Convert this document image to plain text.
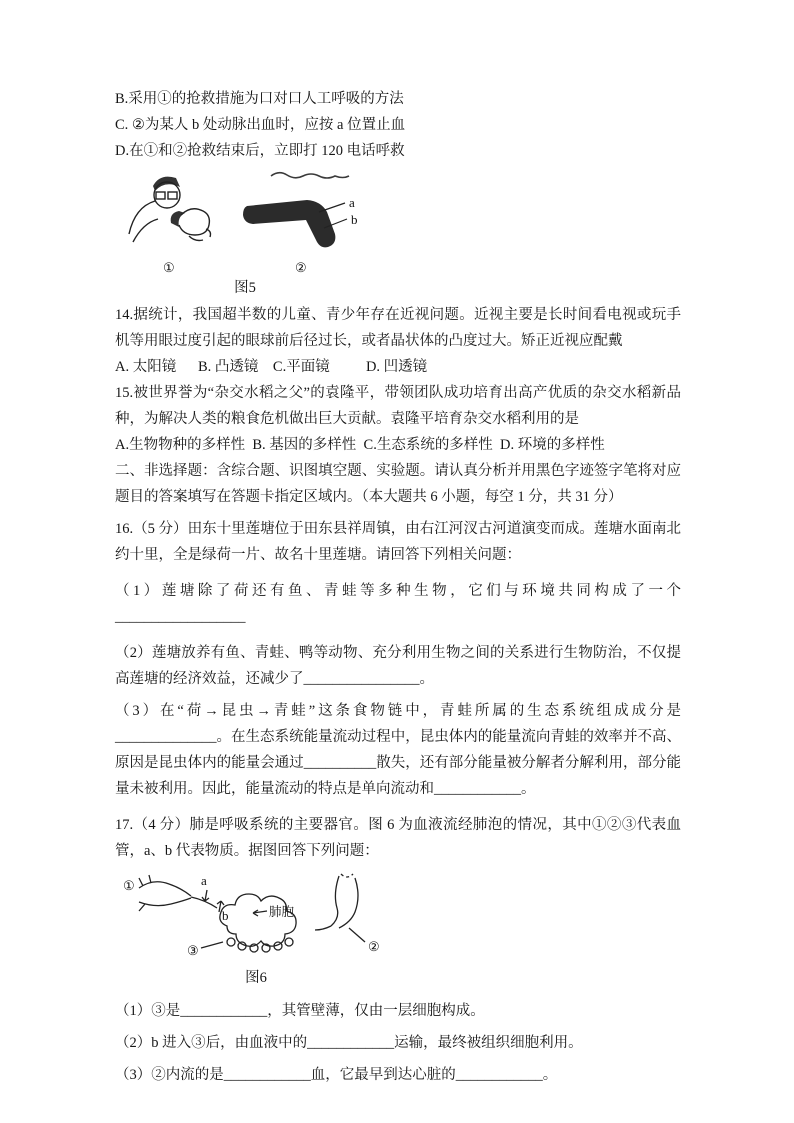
B.采用①的抢救措施为口对口人工呼吸的方法

C. ②为某人 b 处动脉出血时，应按 a 位置止血

D.在①和②抢救结束后，立即打 120 电话呼救

a
b
①	②
图5

14.据统计，我国超半数的儿童、青少年存在近视问题。近视主要是长时间看电视或玩手机等用眼过度引起的眼球前后径过长，或者晶状体的凸度过大。矫正近视应配戴

A. 太阳镜      B. 凸透镜    C.平面镜          D. 凹透镜

15.被世界誉为“杂交水稻之父”的袁隆平，带领团队成功培育出高产优质的杂交水稻新品种，为解决人类的粮食危机做出巨大贡献。袁隆平培育杂交水稻利用的是

A.生物物种的多样性  B. 基因的多样性  C.生态系统的多样性  D. 环境的多样性

二、非选择题：含综合题、识图填空题、实验题。请认真分析并用黑色字迹签字笔将对应题目的答案填写在答题卡指定区域内。（本大题共 6 小题，每空 1 分，共 31 分）

16.（5 分）田东十里莲塘位于田东县祥周镇，由右江河汊古河道演变而成。莲塘水面南北约十里，全是绿荷一片、故名十里莲塘。请回答下列相关问题：

（1）莲塘除了荷还有鱼、青蛙等多种生物，它们与环境共同构成了一个__________________

（2）莲塘放养有鱼、青蛙、鸭等动物、充分利用生物之间的关系进行生物防治，不仅提高莲塘的经济效益，还减少了________________。

（3）在“荷→昆虫→青蛙”这条食物链中，青蛙所属的生态系统组成成分是______________。在生态系统能量流动过程中，昆虫体内的能量流向青蛙的效率并不高、原因是昆虫体内的能量会通过__________散失，还有部分能量被分解者分解利用，部分能量未被利用。因此，能量流动的特点是单向流动和____________。

17.（4 分）肺是呼吸系统的主要器官。图 6 为血液流经肺泡的情况，其中①②③代表血管，a、b 代表物质。据图回答下列问题：

①	a
b	肺胞
③	②
图6

（1）③是____________，其管壁薄，仅由一层细胞构成。

（2）b 进入③后，由血液中的____________运输，最终被组织细胞利用。

（3）②内流的是____________血，它最早到达心脏的____________。
